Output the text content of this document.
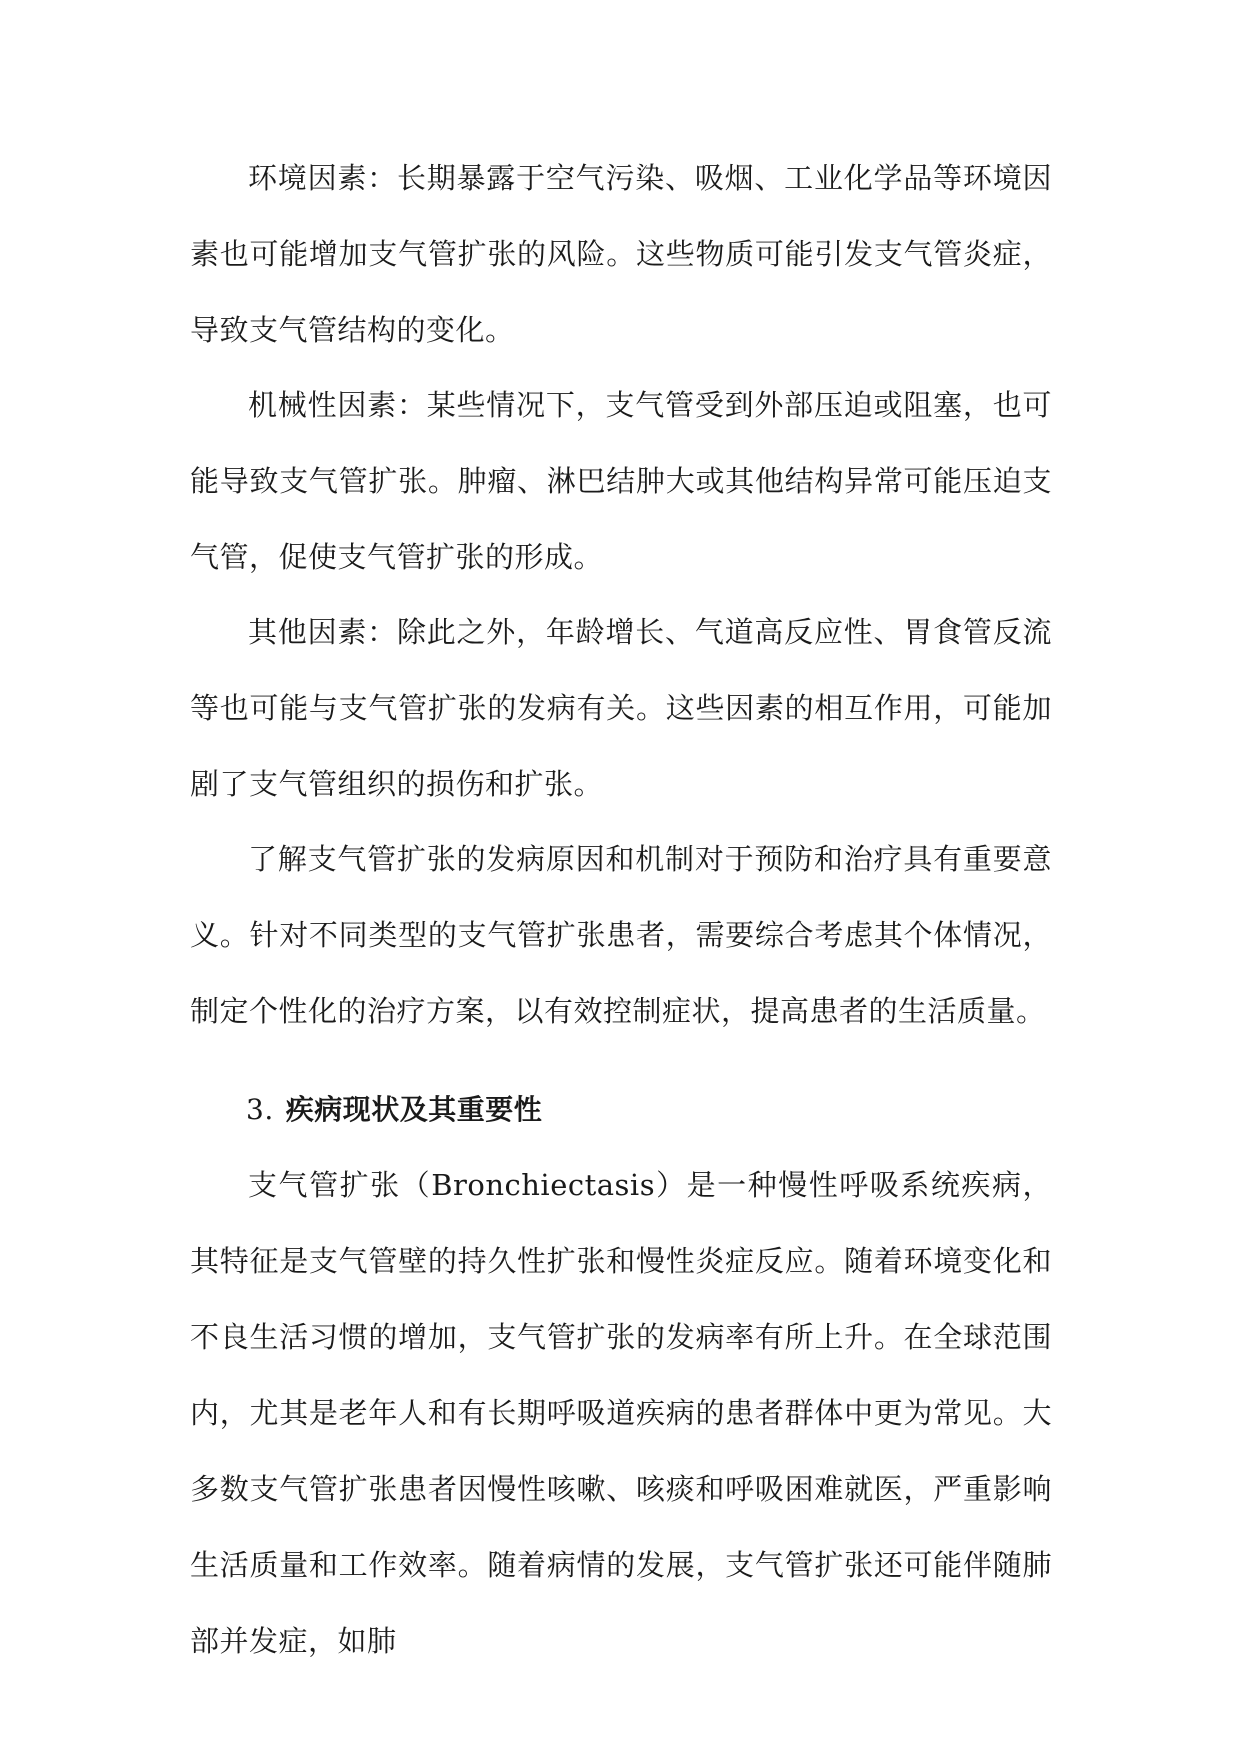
环境因素：长期暴露于空气污染、吸烟、工业化学品等环境因素也可能增加支气管扩张的风险。这些物质可能引发支气管炎症，导致支气管结构的变化。

机械性因素：某些情况下，支气管受到外部压迫或阻塞，也可能导致支气管扩张。肿瘤、淋巴结肿大或其他结构异常可能压迫支气管，促使支气管扩张的形成。

其他因素：除此之外，年龄增长、气道高反应性、胃食管反流等也可能与支气管扩张的发病有关。这些因素的相互作用，可能加剧了支气管组织的损伤和扩张。

了解支气管扩张的发病原因和机制对于预防和治疗具有重要意义。针对不同类型的支气管扩张患者，需要综合考虑其个体情况，制定个性化的治疗方案，以有效控制症状，提高患者的生活质量。

3. 疾病现状及其重要性

支气管扩张（Bronchiectasis）是一种慢性呼吸系统疾病，其特征是支气管壁的持久性扩张和慢性炎症反应。随着环境变化和不良生活习惯的增加，支气管扩张的发病率有所上升。在全球范围内，尤其是老年人和有长期呼吸道疾病的患者群体中更为常见。大多数支气管扩张患者因慢性咳嗽、咳痰和呼吸困难就医，严重影响生活质量和工作效率。随着病情的发展，支气管扩张还可能伴随肺部并发症，如肺
